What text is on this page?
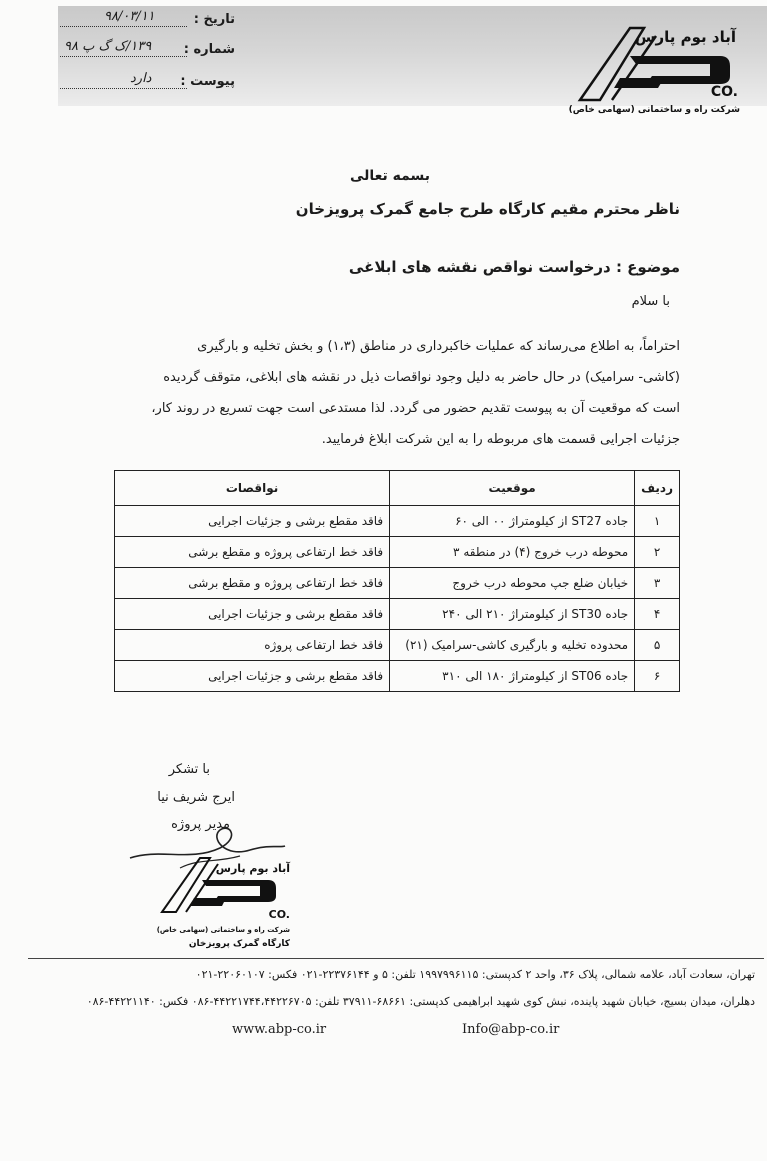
تاریخ :
۹۸/۰۳/۱۱
شماره :
۱۳۹/ک گ پ ۹۸
پیوست :
دارد
آباد بوم پارس
CO.
شرکت راه و ساختمانی (سهامی خاص)
بسمه تعالی
ناظر محترم مقیم کارگاه طرح جامع گمرک پرویزخان
موضوع : درخواست نواقص نقشه های ابلاغی
با سلام
احتراماً، به اطلاع می‌رساند که عملیات خاکبرداری در مناطق (۱،۳) و بخش تخلیه و بارگیری
(کاشی- سرامیک) در حال حاضر به دلیل وجود نواقصات ذیل در نقشه های ابلاغی، متوقف گردیده
است که موقعیت آن به پیوست تقدیم حضور می گردد. لذا مستدعی است جهت تسریع در روند کار،
جزئیات اجرایی قسمت های مربوطه را به این شرکت ابلاغ فرمایید.
ردیف	موقعیت	نواقصات
۱	جاده ST27 از کیلومتراژ ۰۰ الی ۶۰	فاقد مقطع برشی و جزئیات اجرایی
۲	محوطه درب خروج (۴) در منطقه ۳	فاقد خط ارتفاعی پروژه و مقطع برشی
۳	خیابان ضلع جپ محوطه درب خروج	فاقد خط ارتفاعی پروژه و مقطع برشی
۴	جاده ST30 از کیلومتراژ ۲۱۰ الی ۲۴۰	فاقد مقطع برشی و جزئیات اجرایی
۵	محدوده تخلیه و بارگیری کاشی-سرامیک (۲۱)	فاقد خط ارتفاعی پروژه
۶	جاده ST06 از کیلومتراژ ۱۸۰ الی ۳۱۰	فاقد مقطع برشی و جزئیات اجرایی
با تشکر
ایرج شریف نیا
مدیر پروژه
آباد بوم پارس
CO.
شرکت راه و ساختمانی (سهامی خاص)
کارگاه گمرک پرویزخان
تهران، سعادت آباد، علامه شمالی، پلاک ۳۶، واحد ۲ کدپستی: ۱۹۹۷۹۹۶۱۱۵ تلفن: ۵ و ۲۲۳۷۶۱۴۴-۰۲۱ فکس: ۲۲۰۶۰۱۰۷-۰۲۱
دهلران، میدان بسیج، خیابان شهید پاینده، نبش کوی شهید ابراهیمی کدپستی: ۶۸۶۶۱-۳۷۹۱۱ تلفن: ۴۴۲۲۱۷۴۴،۴۴۲۲۶۷۰۵-۰۸۶ فکس: ۴۴۲۲۱۱۴۰-۰۸۶
www.abp-co.ir	Info@abp-co.ir
